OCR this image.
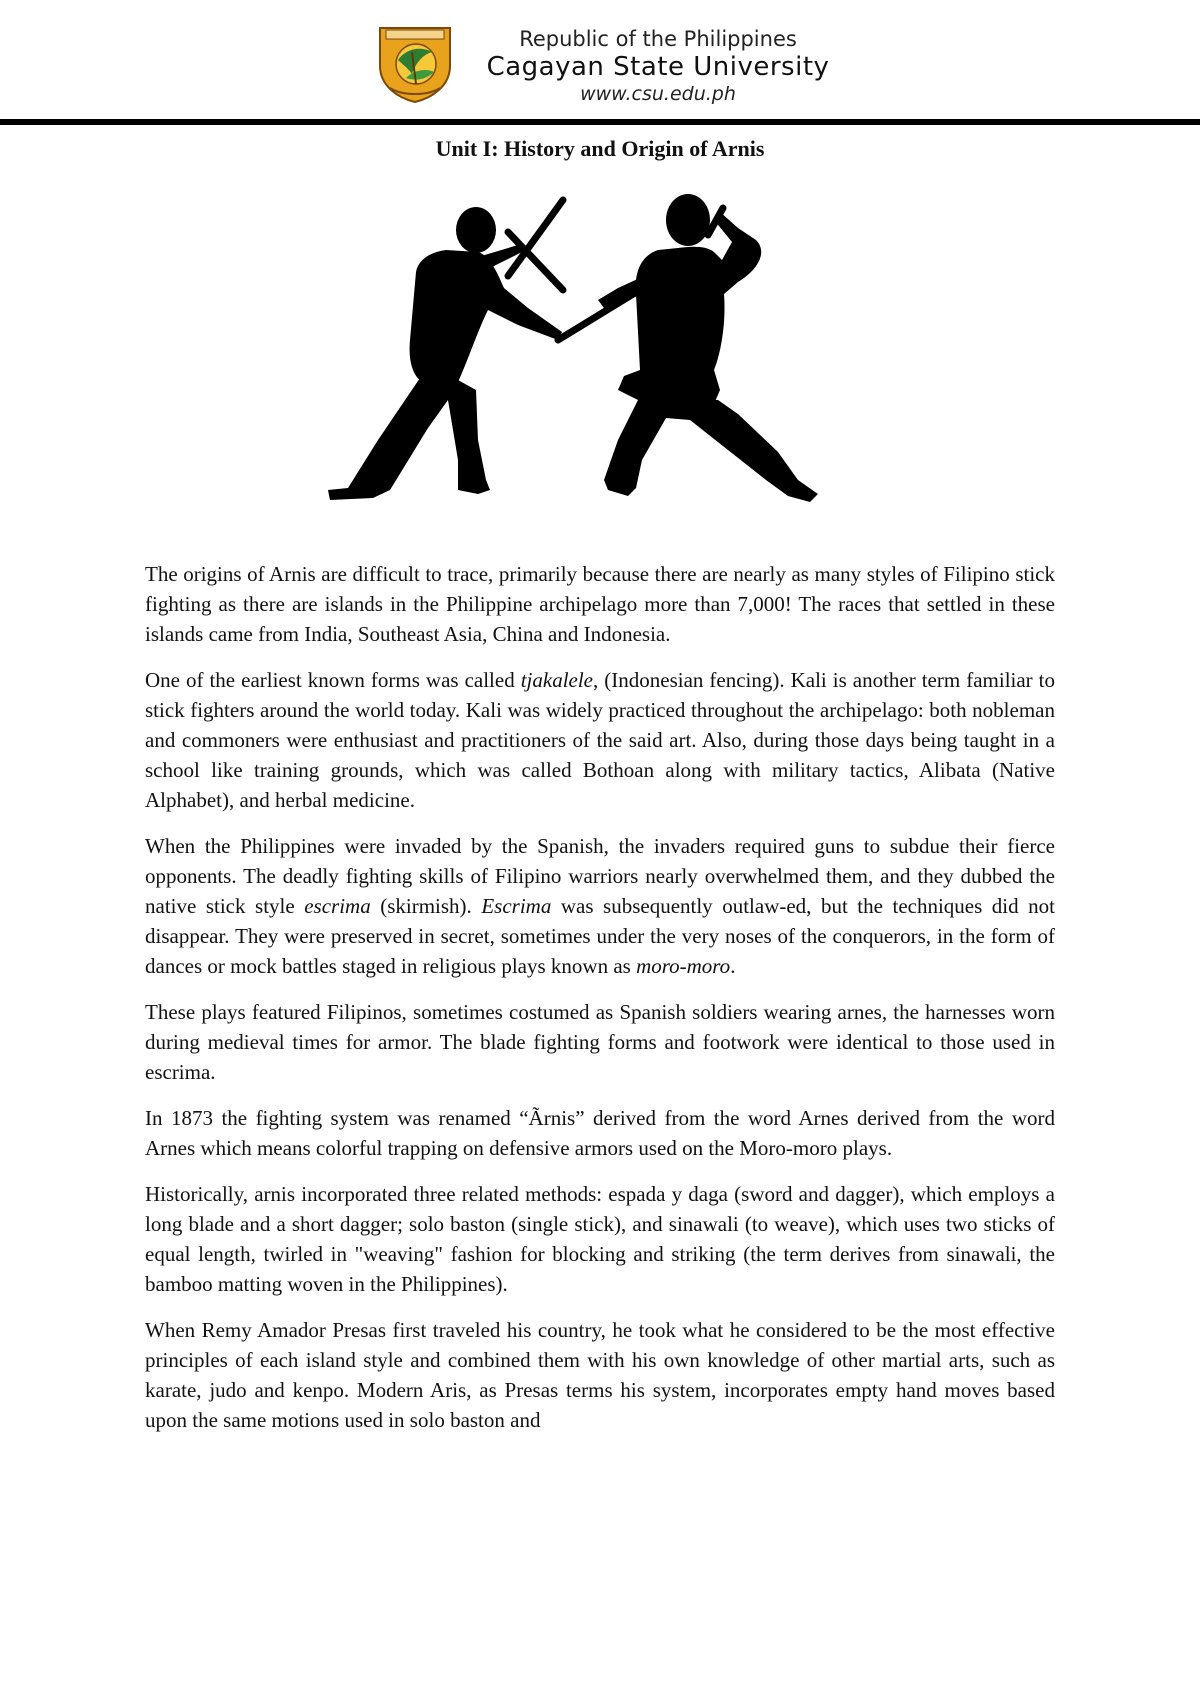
Republic of the Philippines
Cagayan State University
www.csu.edu.ph
Unit I: History and Origin of Arnis

The origins of Arnis are difficult to trace, primarily because there are nearly as many styles of Filipino stick fighting as there are islands in the Philippine archipelago more than 7,000! The races that settled in these islands came from India, Southeast Asia, China and Indonesia.

One of the earliest known forms was called tjakalele, (Indonesian fencing). Kali is another term familiar to stick fighters around the world today. Kali was widely practiced throughout the archipelago: both nobleman and commoners were enthusiast and practitioners of the said art. Also, during those days being taught in a school like training grounds, which was called Bothoan along with military tactics, Alibata (Native Alphabet), and herbal medicine.

When the Philippines were invaded by the Spanish, the invaders required guns to subdue their fierce opponents. The deadly fighting skills of Filipino warriors nearly overwhelmed them, and they dubbed the native stick style escrima (skirmish). Escrima was subsequently outlaw-ed, but the techniques did not disappear. They were preserved in secret, sometimes under the very noses of the conquerors, in the form of dances or mock battles staged in religious plays known as moro-moro.

These plays featured Filipinos, sometimes costumed as Spanish soldiers wearing arnes, the harnesses worn during medieval times for armor. The blade fighting forms and footwork were identical to those used in escrima.

In 1873 the fighting system was renamed “Ãrnis” derived from the word Arnes derived from the word Arnes which means colorful trapping on defensive armors used on the Moro-moro plays.

Historically, arnis incorporated three related methods: espada y daga (sword and dagger), which employs a long blade and a short dagger; solo baston (single stick), and sinawali (to weave), which uses two sticks of equal length, twirled in "weaving" fashion for blocking and striking (the term derives from sinawali, the bamboo matting woven in the Philippines).

When Remy Amador Presas first traveled his country, he took what he considered to be the most effective principles of each island style and combined them with his own knowledge of other martial arts, such as karate, judo and kenpo. Modern Aris, as Presas terms his system, incorporates empty hand moves based upon the same motions used in solo baston and
